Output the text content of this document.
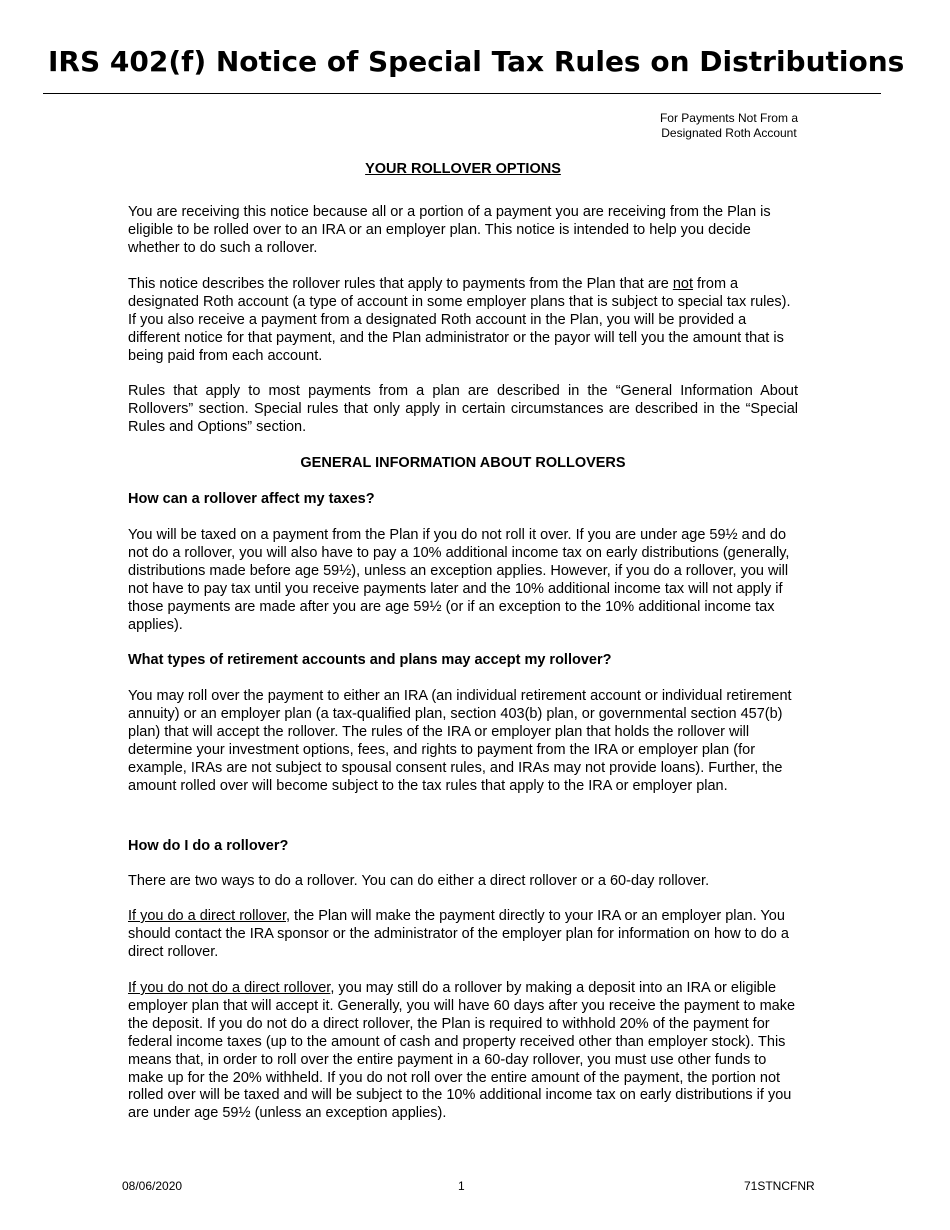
IRS 402(f) Notice of Special Tax Rules on Distributions
For Payments Not From a
Designated Roth Account
YOUR ROLLOVER OPTIONS

You are receiving this notice because all or a portion of a payment you are receiving from the Plan is eligible to be rolled over to an IRA or an employer plan. This notice is intended to help you decide whether to do such a rollover.

This notice describes the rollover rules that apply to payments from the Plan that are not from a designated Roth account (a type of account in some employer plans that is subject to special tax rules). If you also receive a payment from a designated Roth account in the Plan, you will be provided a different notice for that payment, and the Plan administrator or the payor will tell you the amount that is being paid from each account.

Rules that apply to most payments from a plan are described in the “General Information About Rollovers” section. Special rules that only apply in certain circumstances are described in the “Special Rules and Options” section.

GENERAL INFORMATION ABOUT ROLLOVERS

How can a rollover affect my taxes?

You will be taxed on a payment from the Plan if you do not roll it over. If you are under age 59½ and do not do a rollover, you will also have to pay a 10% additional income tax on early distributions (generally, distributions made before age 59½), unless an exception applies. However, if you do a rollover, you will not have to pay tax until you receive payments later and the 10% additional income tax will not apply if those payments are made after you are age 59½ (or if an exception to the 10% additional income tax applies).

What types of retirement accounts and plans may accept my rollover?

You may roll over the payment to either an IRA (an individual retirement account or individual retirement annuity) or an employer plan (a tax-qualified plan, section 403(b) plan, or governmental section 457(b) plan) that will accept the rollover. The rules of the IRA or employer plan that holds the rollover will determine your investment options, fees, and rights to payment from the IRA or employer plan (for example, IRAs are not subject to spousal consent rules, and IRAs may not provide loans). Further, the amount rolled over will become subject to the tax rules that apply to the IRA or employer plan.

How do I do a rollover?

There are two ways to do a rollover. You can do either a direct rollover or a 60-day rollover.

If you do a direct rollover, the Plan will make the payment directly to your IRA or an employer plan. You should contact the IRA sponsor or the administrator of the employer plan for information on how to do a direct rollover.

If you do not do a direct rollover, you may still do a rollover by making a deposit into an IRA or eligible employer plan that will accept it. Generally, you will have 60 days after you receive the payment to make the deposit. If you do not do a direct rollover, the Plan is required to withhold 20% of the payment for federal income taxes (up to the amount of cash and property received other than employer stock). This means that, in order to roll over the entire payment in a 60-day rollover, you must use other funds to make up for the 20% withheld. If you do not roll over the entire amount of the payment, the portion not rolled over will be taxed and will be subject to the 10% additional income tax on early distributions if you are under age 59½ (unless an exception applies).

08/06/2020	1	71STNCFNR
